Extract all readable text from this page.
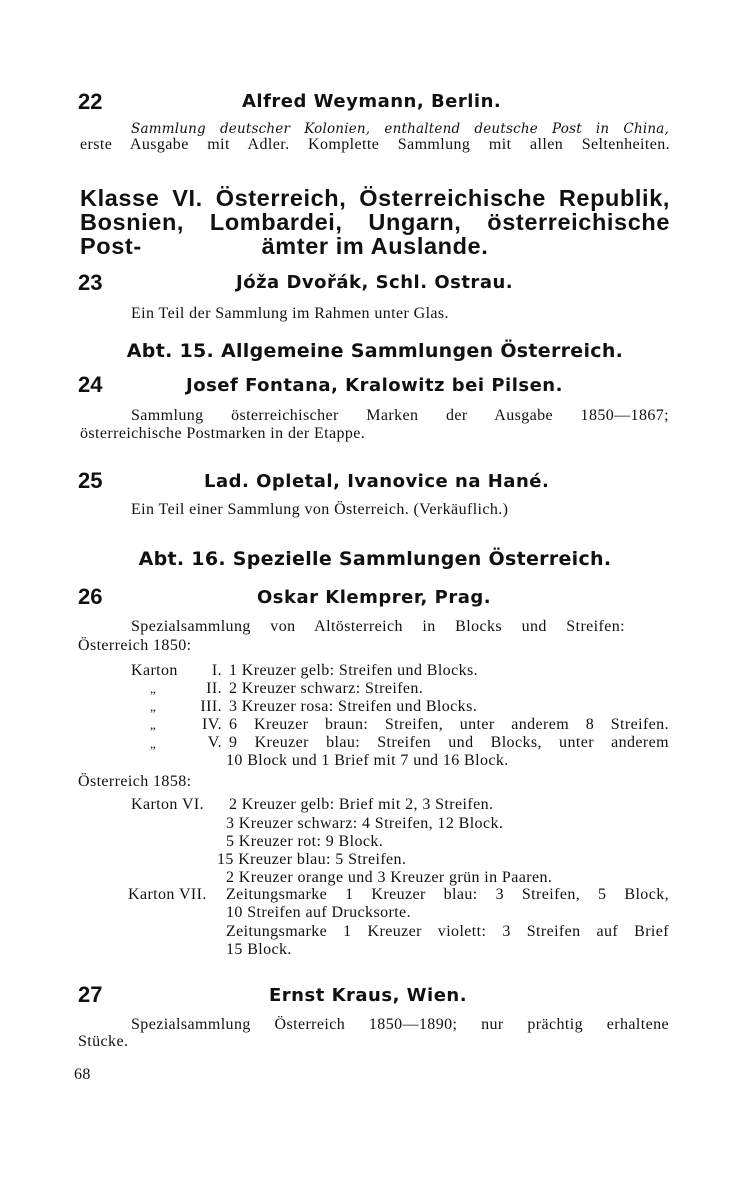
22	Alfred Weymann, Berlin.
Sammlung deutscher Kolonien, enthaltend deutsche Post in China,
erste Ausgabe mit Adler. Komplette Sammlung mit allen Seltenheiten.
Klasse VI. Österreich, Österreichische Republik,
Bosnien, Lombardei, Ungarn, österreichische Post-	ämter im Auslande.
23	Jóža Dvořák, Schl. Ostrau.
Ein Teil der Sammlung im Rahmen unter Glas.
Abt. 15. Allgemeine Sammlungen Österreich.
24	Josef Fontana, Kralowitz bei Pilsen.
Sammlung österreichischer Marken der Ausgabe 1850—1867;
österreichische Postmarken in der Etappe.
25	Lad. Opletal, Ivanovice na Hané.
Ein Teil einer Sammlung von Österreich. (Verkäuflich.)
Abt. 16. Spezielle Sammlungen Österreich.
26	Oskar Klemprer, Prag.
Spezialsammlung von Altösterreich in Blocks und Streifen:
Österreich 1850:
Karton	I. 1 Kreuzer gelb: Streifen und Blocks.
„	II. 2 Kreuzer schwarz: Streifen.
„	III. 3 Kreuzer rosa: Streifen und Blocks.
„	IV. 6 Kreuzer braun: Streifen, unter anderem 8 Streifen.
„	V. 9 Kreuzer blau: Streifen und Blocks, unter anderem
10 Block und 1 Brief mit 7 und 16 Block.
Österreich 1858:
Karton VI. 2 Kreuzer gelb: Brief mit 2, 3 Streifen.
3 Kreuzer schwarz: 4 Streifen, 12 Block.
5 Kreuzer rot: 9 Block.
15 Kreuzer blau: 5 Streifen.
2 Kreuzer orange und 3 Kreuzer grün in Paaren.
Karton VII. Zeitungsmarke 1 Kreuzer blau: 3 Streifen, 5 Block,
10 Streifen auf Drucksorte.
Zeitungsmarke 1 Kreuzer violett: 3 Streifen auf Brief
15 Block.
27	Ernst Kraus, Wien.
Spezialsammlung Österreich 1850—1890; nur prächtig erhaltene
Stücke.
68
